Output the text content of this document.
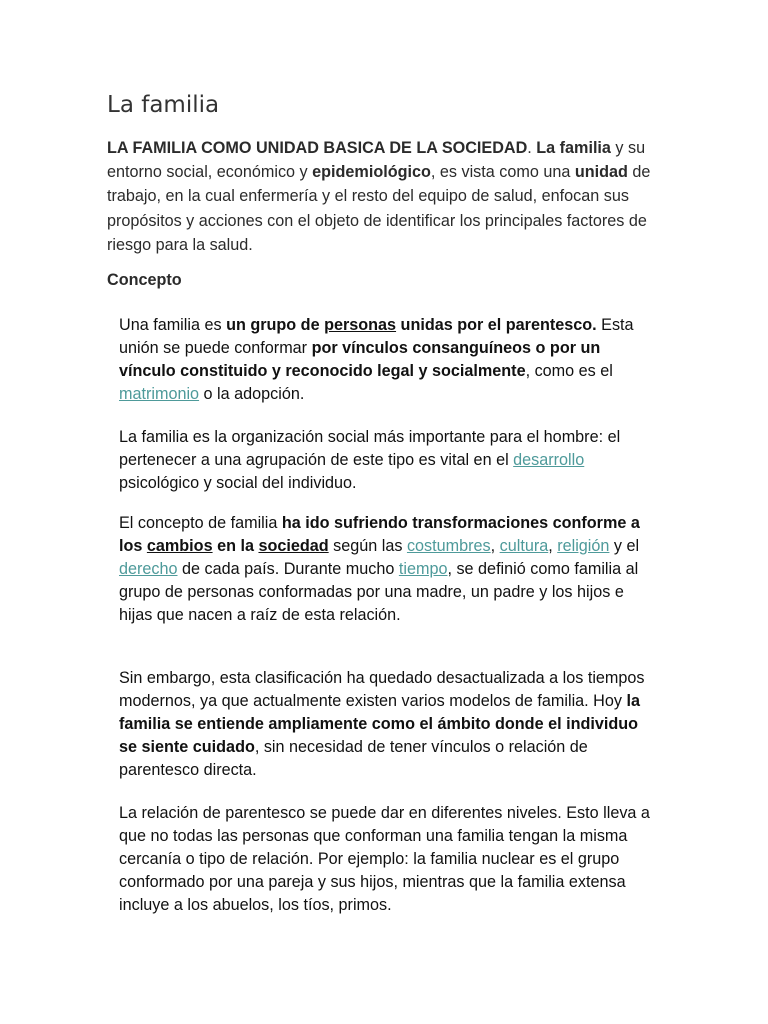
La familia

LA FAMILIA COMO UNIDAD BASICA DE LA SOCIEDAD. La familia y su entorno social, económico y epidemiológico, es vista como una unidad de trabajo, en la cual enfermería y el resto del equipo de salud, enfocan sus propósitos y acciones con el objeto de identificar los principales factores de riesgo para la salud.

Concepto

Una familia es un grupo de personas unidas por el parentesco. Esta unión se puede conformar por vínculos consanguíneos o por un vínculo constituido y reconocido legal y socialmente, como es el matrimonio o la adopción.

La familia es la organización social más importante para el hombre: el pertenecer a una agrupación de este tipo es vital en el desarrollo psicológico y social del individuo.

El concepto de familia ha ido sufriendo transformaciones conforme a los cambios en la sociedad según las costumbres, cultura, religión y el derecho de cada país. Durante mucho tiempo, se definió como familia al grupo de personas conformadas por una madre, un padre y los hijos e hijas que nacen a raíz de esta relación.

Sin embargo, esta clasificación ha quedado desactualizada a los tiempos modernos, ya que actualmente existen varios modelos de familia. Hoy la familia se entiende ampliamente como el ámbito donde el individuo se siente cuidado, sin necesidad de tener vínculos o relación de parentesco directa.

La relación de parentesco se puede dar en diferentes niveles. Esto lleva a que no todas las personas que conforman una familia tengan la misma cercanía o tipo de relación. Por ejemplo: la familia nuclear es el grupo conformado por una pareja y sus hijos, mientras que la familia extensa incluye a los abuelos, los tíos, primos.
